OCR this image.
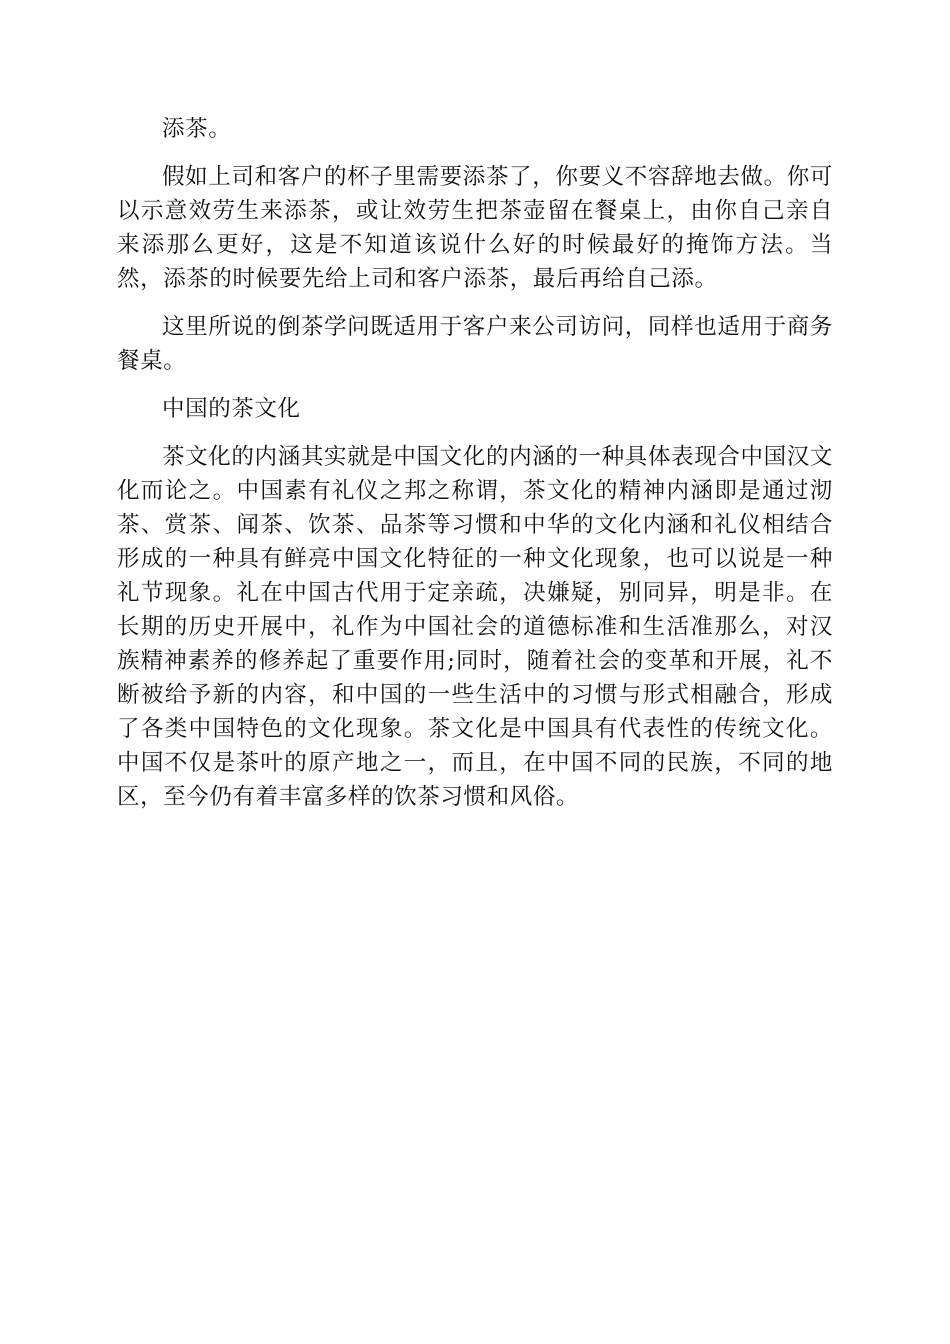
添茶。

假如上司和客户的杯子里需要添茶了，你要义不容辞地去做。你可以示意效劳生来添茶，或让效劳生把茶壶留在餐桌上，由你自己亲自来添那么更好，这是不知道该说什么好的时候最好的掩饰方法。当然，添茶的时候要先给上司和客户添茶，最后再给自己添。

这里所说的倒茶学问既适用于客户来公司访问，同样也适用于商务餐桌。

中国的茶文化

茶文化的内涵其实就是中国文化的内涵的一种具体表现合中国汉文化而论之。中国素有礼仪之邦之称谓，茶文化的精神内涵即是通过沏茶、赏茶、闻茶、饮茶、品茶等习惯和中华的文化内涵和礼仪相结合形成的一种具有鲜亮中国文化特征的一种文化现象，也可以说是一种礼节现象。礼在中国古代用于定亲疏，决嫌疑，别同异，明是非。在长期的历史开展中，礼作为中国社会的道德标准和生活准那么，对汉族精神素养的修养起了重要作用;同时，随着社会的变革和开展，礼不断被给予新的内容，和中国的一些生活中的习惯与形式相融合，形成了各类中国特色的文化现象。茶文化是中国具有代表性的传统文化。中国不仅是茶叶的原产地之一，而且，在中国不同的民族，不同的地区，至今仍有着丰富多样的饮茶习惯和风俗。
